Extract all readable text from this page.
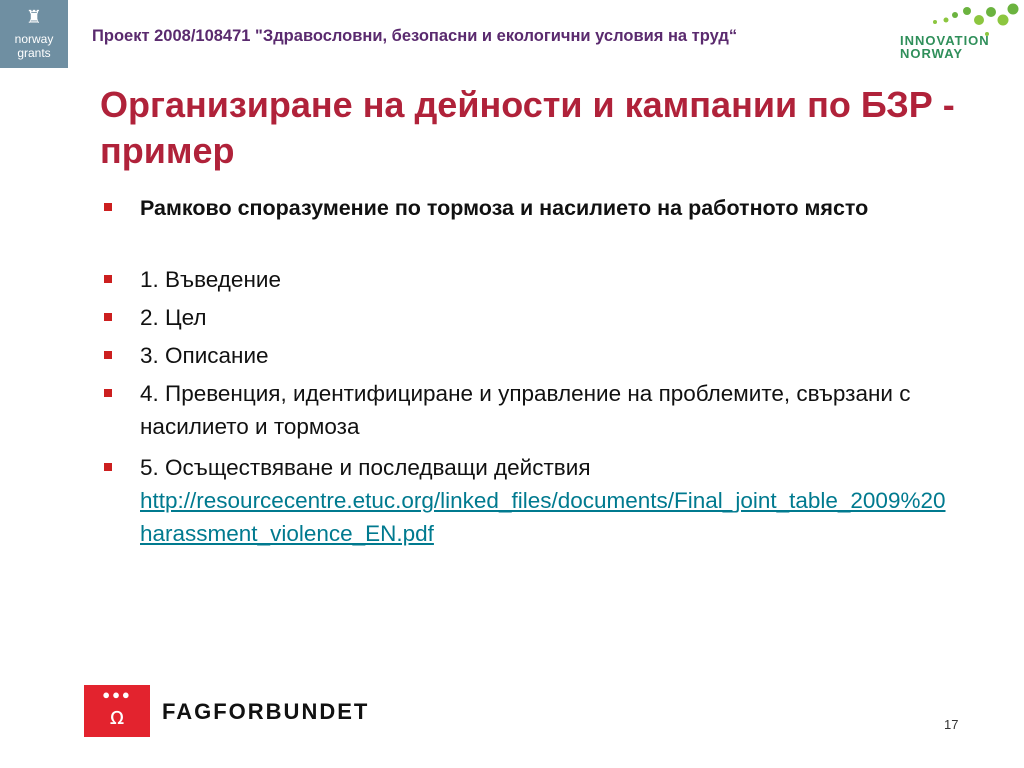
♜
norway
grants
Проект 2008/108471 "Здравословни, безопасни и екологични условия на труд“	INNOVATION
NORWAY
Организиране на дейности и кампании по БЗР - пример
Рамково споразумение по тормоза и насилието на работното място
1. Въведение
2. Цел
3. Описание
4. Превенция, идентифициране и управление на проблемите, свързани с насилието и тормоза
5. Осъществяване и последващи действия
http://resourcecentre.etuc.org/linked_files/documents/Final_joint_table_2009%20harassment_violence_EN.pdf
●●●
ꭥ	FAGFORBUNDET
17
